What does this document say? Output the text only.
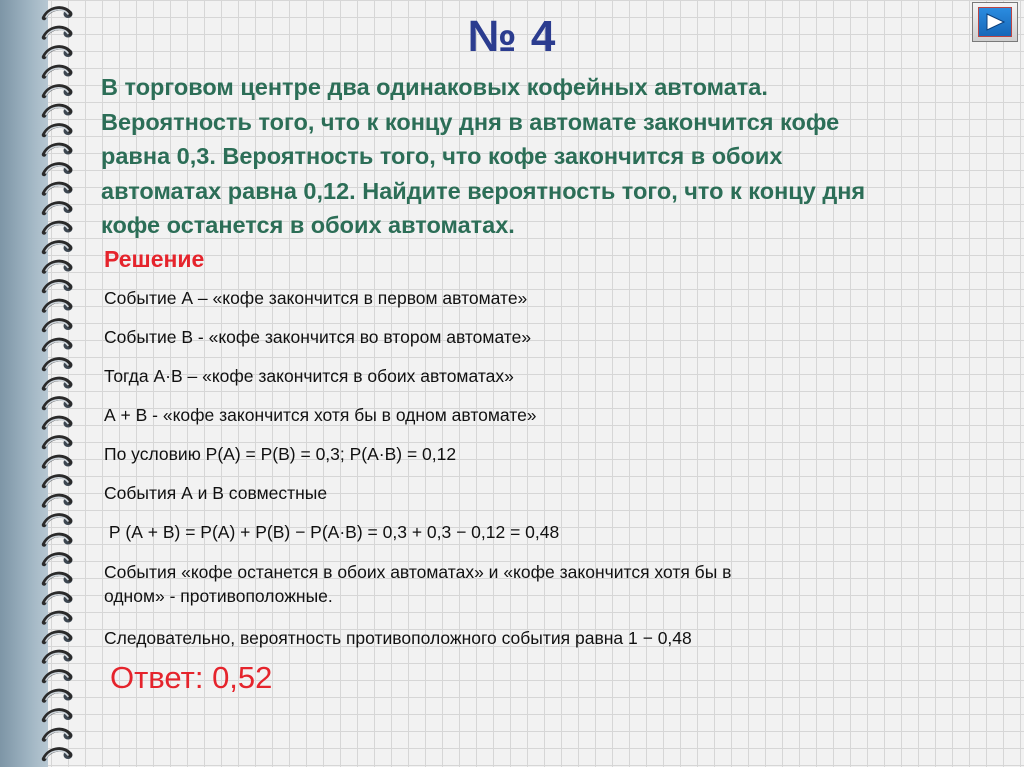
№ 4
В торговом центре два одинаковых кофейных автомата.
Вероятность того, что к концу дня в автомате закончится кофе
равна 0,3. Вероятность того, что кофе закончится в обоих
автоматах равна 0,12. Найдите вероятность того, что к концу дня
кофе останется в обоих автоматах.
Решение
Событие А – «кофе закончится в первом автомате»
Событие В - «кофе закончится во втором автомате»
Тогда А·В – «кофе закончится в обоих автоматах»
А + В - «кофе закончится хотя бы в одном автомате»
По условию Р(А) = Р(В) = 0,3; Р(А·В) = 0,12
События А и В совместные
Р (А + В) = Р(А) + Р(В) − Р(А·В) = 0,3 + 0,3 − 0,12 = 0,48
События «кофе останется в обоих автоматах» и «кофе закончится хотя бы в
одном» - противоположные.
Следовательно, вероятность противоположного события равна 1 − 0,48
Ответ: 0,52
